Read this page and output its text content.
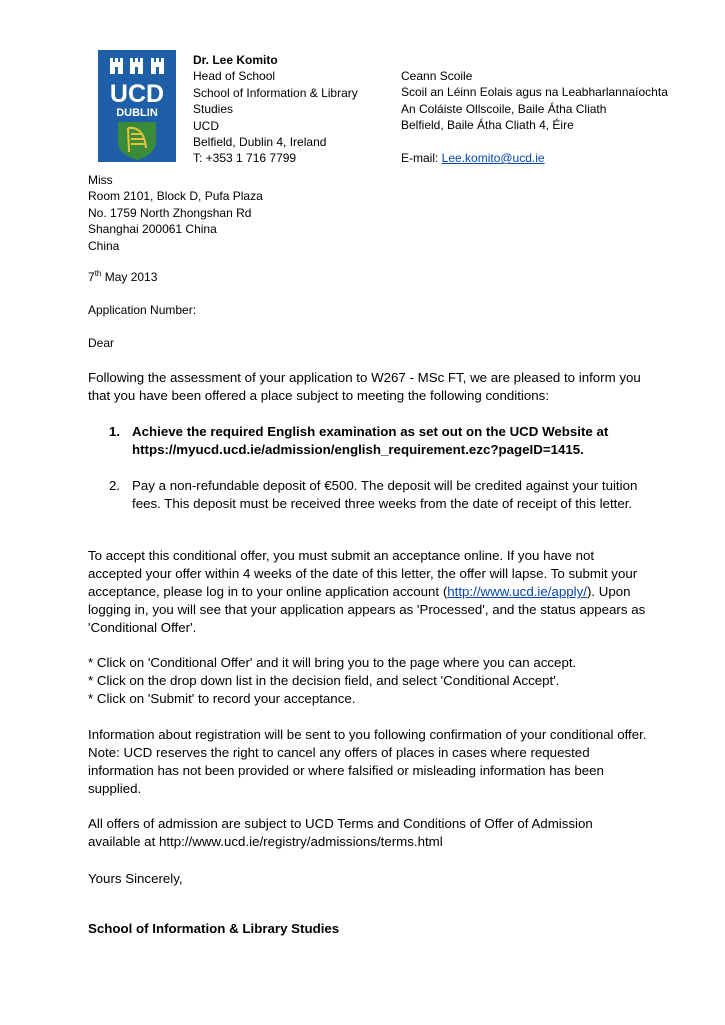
UCD
DUBLIN
Dr. Lee Komito
Head of School
School of Information & Library
Studies
UCD
Belfield, Dublin 4, Ireland
T: +353 1 716 7799
Ceann Scoile
Scoil an Léinn Eolais agus na Leabharlannaíochta
An Coláiste Ollscoile, Baile Átha Cliath
Belfield, Baile Átha Cliath 4, Éire
E-mail: Lee.komito@ucd.ie
Miss
Room 2101, Block D, Pufa Plaza
No. 1759 North Zhongshan Rd
Shanghai 200061 China
China
7th May 2013
Application Number:
Dear
Following the assessment of your application to W267 - MSc FT, we are pleased to inform you that you have been offered a place subject to meeting the following conditions:
1. Achieve the required English examination as set out on the UCD Website at https://myucd.ucd.ie/admission/english_requirement.ezc?pageID=1415.
2. Pay a non-refundable deposit of €500. The deposit will be credited against your tuition fees. This deposit must be received three weeks from the date of receipt of this letter.
To accept this conditional offer, you must submit an acceptance online. If you have not accepted your offer within 4 weeks of the date of this letter, the offer will lapse. To submit your acceptance, please log in to your online application account (http://www.ucd.ie/apply/). Upon logging in, you will see that your application appears as 'Processed', and the status appears as 'Conditional Offer'.
* Click on 'Conditional Offer' and it will bring you to the page where you can accept.
* Click on the drop down list in the decision field, and select 'Conditional Accept'.
* Click on 'Submit' to record your acceptance.
Information about registration will be sent to you following confirmation of your conditional offer. Note: UCD reserves the right to cancel any offers of places in cases where requested information has not been provided or where falsified or misleading information has been supplied.
All offers of admission are subject to UCD Terms and Conditions of Offer of Admission available at http://www.ucd.ie/registry/admissions/terms.html
Yours Sincerely,
School of Information & Library Studies
